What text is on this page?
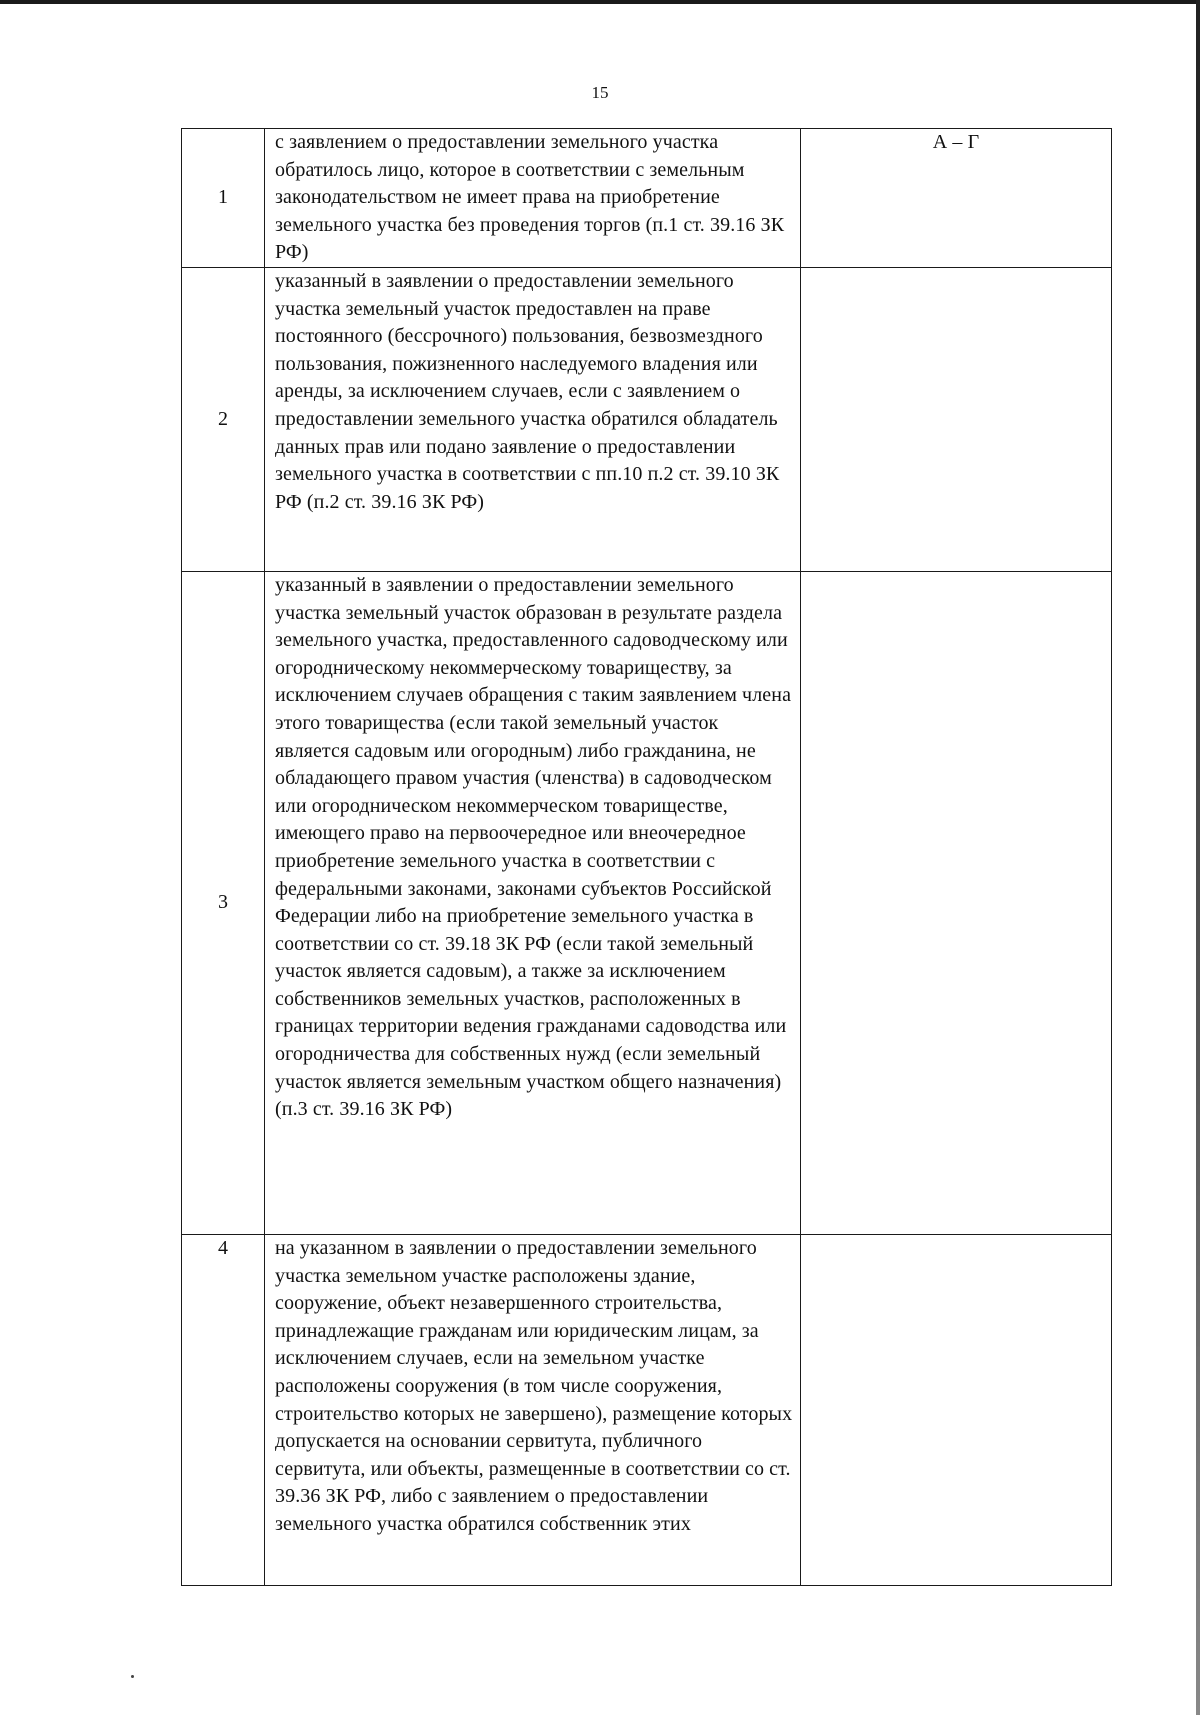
15
1	с заявлением о предоставлении земельного участка обратилось лицо, которое в соответствии с земельным законодательством не имеет права на приобретение земельного участка без проведения торгов (п.1 ст. 39.16 ЗК РФ)	А – Г
2	указанный в заявлении о предоставлении земельного участка земельный участок предоставлен на праве постоянного (бессрочного) пользования, безвозмездного пользования, пожизненного наследуемого владения или аренды, за исключением случаев, если с заявлением о предоставлении земельного участка обратился обладатель данных прав или подано заявление о предоставлении земельного участка в соответствии с пп.10 п.2 ст. 39.10 ЗК РФ (п.2 ст. 39.16 ЗК РФ)	
3	указанный в заявлении о предоставлении земельного участка земельный участок образован в результате раздела земельного участка, предоставленного садоводческому или огородническому некоммерческому товариществу, за исключением случаев обращения с таким заявлением члена этого товарищества (если такой земельный участок является садовым или огородным) либо гражданина, не обладающего правом участия (членства) в садоводческом или огородническом некоммерческом товариществе, имеющего право на первоочередное или внеочередное приобретение земельного участка в соответствии с федеральными законами, законами субъектов Российской Федерации либо на приобретение земельного участка в соответствии со ст. 39.18 ЗК РФ (если такой земельный участок является садовым), а также за исключением собственников земельных участков, расположенных в границах территории ведения гражданами садоводства или огородничества для собственных нужд (если земельный участок является земельным участком общего назначения) (п.3 ст. 39.16 ЗК РФ)	
4	на указанном в заявлении о предоставлении земельного участка земельном участке расположены здание, сооружение, объект незавершенного строительства, принадлежащие гражданам или юридическим лицам, за исключением случаев, если на земельном участке расположены сооружения (в том числе сооружения, строительство которых не завершено), размещение которых допускается на основании сервитута, публичного сервитута, или объекты, размещенные в соответствии со ст. 39.36 ЗК РФ, либо с заявлением о предоставлении земельного участка обратился собственник этих	
